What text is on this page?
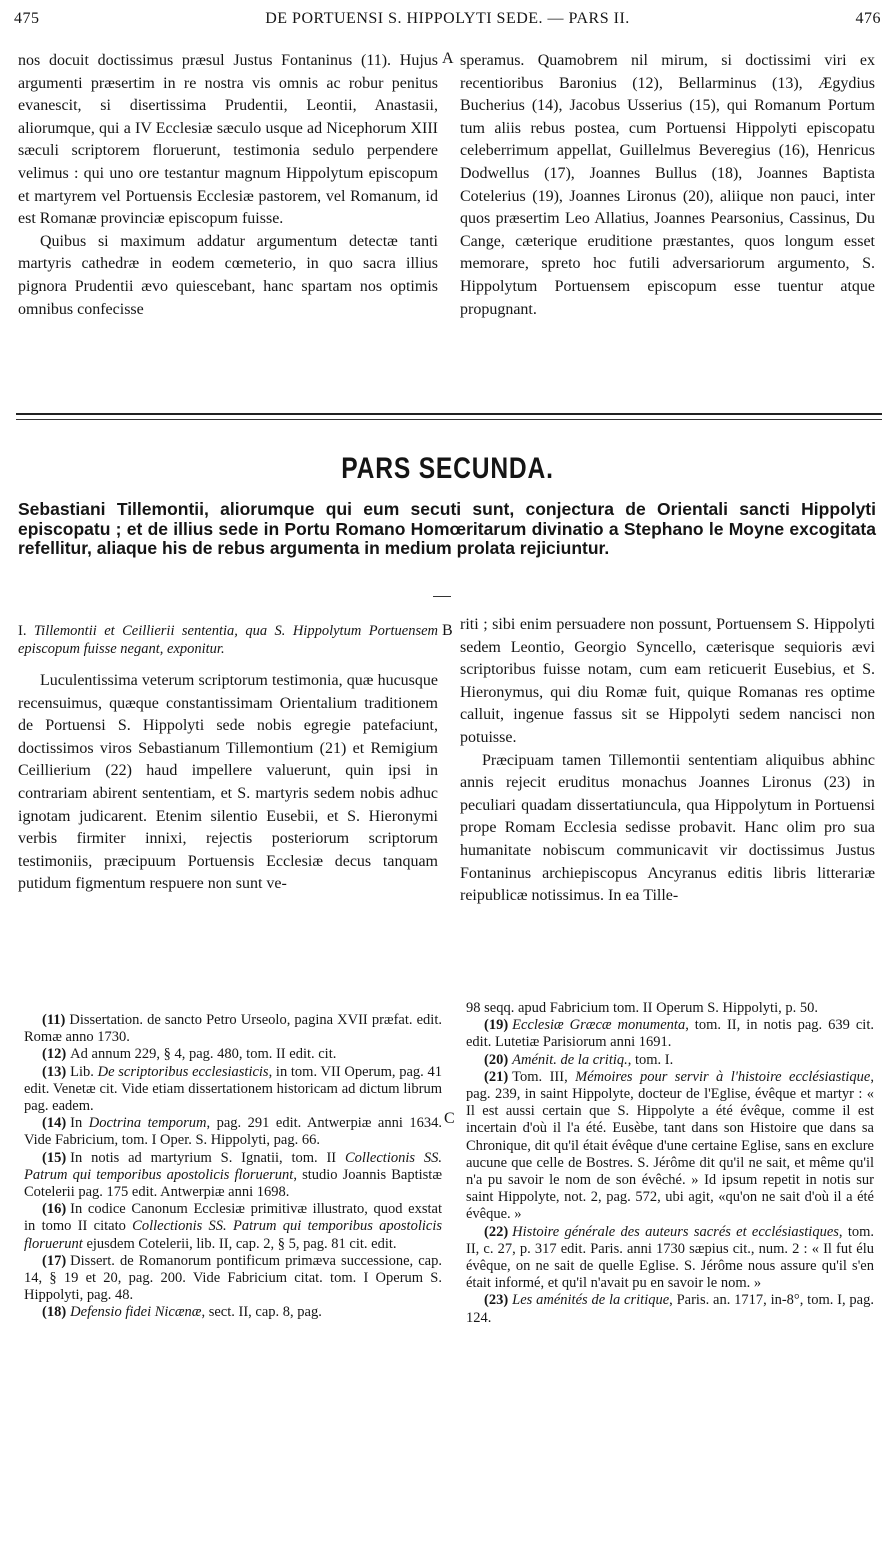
475	DE PORTUENSI S. HIPPOLYTI SEDE. — PARS II.	476

nos docuit doctissimus præsul Justus Fontaninus (11). Hujus argumenti præsertim in re nostra vis omnis ac robur penitus evanescit, si disertissima Prudentii, Leontii, Anastasii, aliorumque, qui a IV Ecclesiæ sæculo usque ad Nicephorum XIII sæculi scriptorem floruerunt, testimonia sedulo perpendere velimus : qui uno ore testantur magnum Hippolytum episcopum et martyrem vel Portuensis Ecclesiæ pastorem, vel Romanum, id est Romanæ provinciæ episcopum fuisse.

Quibus si maximum addatur argumentum detectæ tanti martyris cathedræ in eodem cœmeterio, in quo sacra illius pignora Prudentii ævo quiescebant, hanc spartam nos optimis omnibus confecisse

A speramus. Quamobrem nil mirum, si doctissimi viri ex recentioribus Baronius (12), Bellarminus (13), Ægydius Bucherius (14), Jacobus Usserius (15), qui Romanum Portum tum aliis rebus postea, cum Portuensi Hippolyti episcopatu celeberrimum appellat, Guillelmus Beveregius (16), Henricus Dodwellus (17), Joannes Bullus (18), Joannes Baptista Cotelerius (19), Joannes Lironus (20), aliique non pauci, inter quos præsertim Leo Allatius, Joannes Pearsonius, Cassinus, Du Cange, cæterique eruditione præstantes, quos longum esset memorare, spreto hoc futili adversariorum argumento, S. Hippolytum Portuensem episcopum esse tuentur atque propugnant.

PARS SECUNDA.
Sebastiani Tillemontii, aliorumque qui eum secuti sunt, conjectura de Orientali sancti Hippolyti episcopatu ; et de illius sede in Portu Romano Homœritarum divinatio a Stephano le Moyne excogitata refellitur, aliaque his de rebus argumenta in medium prolata rejiciuntur.
I. Tillemontii et Ceillierii sententia, qua S. Hippolytum Portuensem episcopum fuisse negant, exponitur.

Luculentissima veterum scriptorum testimonia, quæ hucusque recensuimus, quæque constantissimam Orientalium traditionem de Portuensi S. Hippolyti sede nobis egregie patefaciunt, doctissimos viros Sebastianum Tillemontium (21) et Remigium Ceillierium (22) haud impellere valuerunt, quin ipsi in contrariam abirent sententiam, et S. martyris sedem nobis adhuc ignotam judicarent. Etenim silentio Eusebii, et S. Hieronymi verbis firmiter innixi, rejectis posteriorum scriptorum testimoniis, præcipuum Portuensis Ecclesiæ decus tanquam putidum figmentum respuere non sunt ve-

B riti ; sibi enim persuadere non possunt, Portuensem S. Hippolyti sedem Leontio, Georgio Syncello, cæterisque sequioris ævi scriptoribus fuisse notam, cum eam reticuerit Eusebius, et S. Hieronymus, qui diu Romæ fuit, quique Romanas res optime calluit, ingenue fassus sit se Hippolyti sedem nancisci non potuisse.

Præcipuam tamen Tillemontii sententiam aliquibus abhinc annis rejecit eruditus monachus Joannes Lironus (23) in peculiari quadam dissertatiuncula, qua Hippolytum in Portuensi prope Romam Ecclesia sedisse probavit. Hanc olim pro sua humanitate nobiscum communicavit vir doctissimus Justus Fontaninus archiepiscopus Ancyranus editis libris litterariæ reipublicæ notissimus. In ea Tille-

(11) Dissertation. de sancto Petro Urseolo, pagina XVII præfat. edit. Romæ anno 1730.

(12) Ad annum 229, § 4, pag. 480, tom. II edit. cit.

(13) Lib. De scriptoribus ecclesiasticis, in tom. VII Operum, pag. 41 edit. Venetæ cit. Vide etiam dissertationem historicam ad dictum librum pag. eadem.

(14) In Doctrina temporum, pag. 291 edit. Antwerpiæ anni 1634. Vide Fabricium, tom. I Oper. S. Hippolyti, pag. 66.

(15) In notis ad martyrium S. Ignatii, tom. II Collectionis SS. Patrum qui temporibus apostolicis floruerunt, studio Joannis Baptistæ Cotelerii pag. 175 edit. Antwerpiæ anni 1698.

(16) In codice Canonum Ecclesiæ primitivæ illustrato, quod exstat in tomo II citato Collectionis SS. Patrum qui temporibus apostolicis floruerunt ejusdem Cotelerii, lib. II, cap. 2, § 5, pag. 81 cit. edit.

(17) Dissert. de Romanorum pontificum primæva successione, cap. 14, § 19 et 20, pag. 200. Vide Fabricium citat. tom. I Operum S. Hippolyti, pag. 48.

(18) Defensio fidei Nicænæ, sect. II, cap. 8, pag.

C

98 seqq. apud Fabricium tom. II Operum S. Hippolyti, p. 50.

(19) Ecclesiæ Græcæ monumenta, tom. II, in notis pag. 639 cit. edit. Lutetiæ Parisiorum anni 1691.

(20) Aménit. de la critiq., tom. I.

(21) Tom. III, Mémoires pour servir à l'histoire ecclésiastique, pag. 239, in saint Hippolyte, docteur de l'Eglise, évêque et martyr : « Il est aussi certain que S. Hippolyte a été évêque, comme il est incertain d'où il l'a été. Eusèbe, tant dans son Histoire que dans sa Chronique, dit qu'il était évêque d'une certaine Eglise, sans en exclure aucune que celle de Bostres. S. Jérôme dit qu'il ne sait, et même qu'il n'a pu savoir le nom de son évêché. » Id ipsum repetit in notis sur saint Hippolyte, not. 2, pag. 572, ubi agit, «qu'on ne sait d'où il a été évêque. »

(22) Histoire générale des auteurs sacrés et ecclésiastiques, tom. II, c. 27, p. 317 edit. Paris. anni 1730 sæpius cit., num. 2 : « Il fut élu évêque, on ne sait de quelle Eglise. S. Jérôme nous assure qu'il s'en était informé, et qu'il n'avait pu en savoir le nom. »

(23) Les aménités de la critique, Paris. an. 1717, in-8°, tom. I, pag. 124.
